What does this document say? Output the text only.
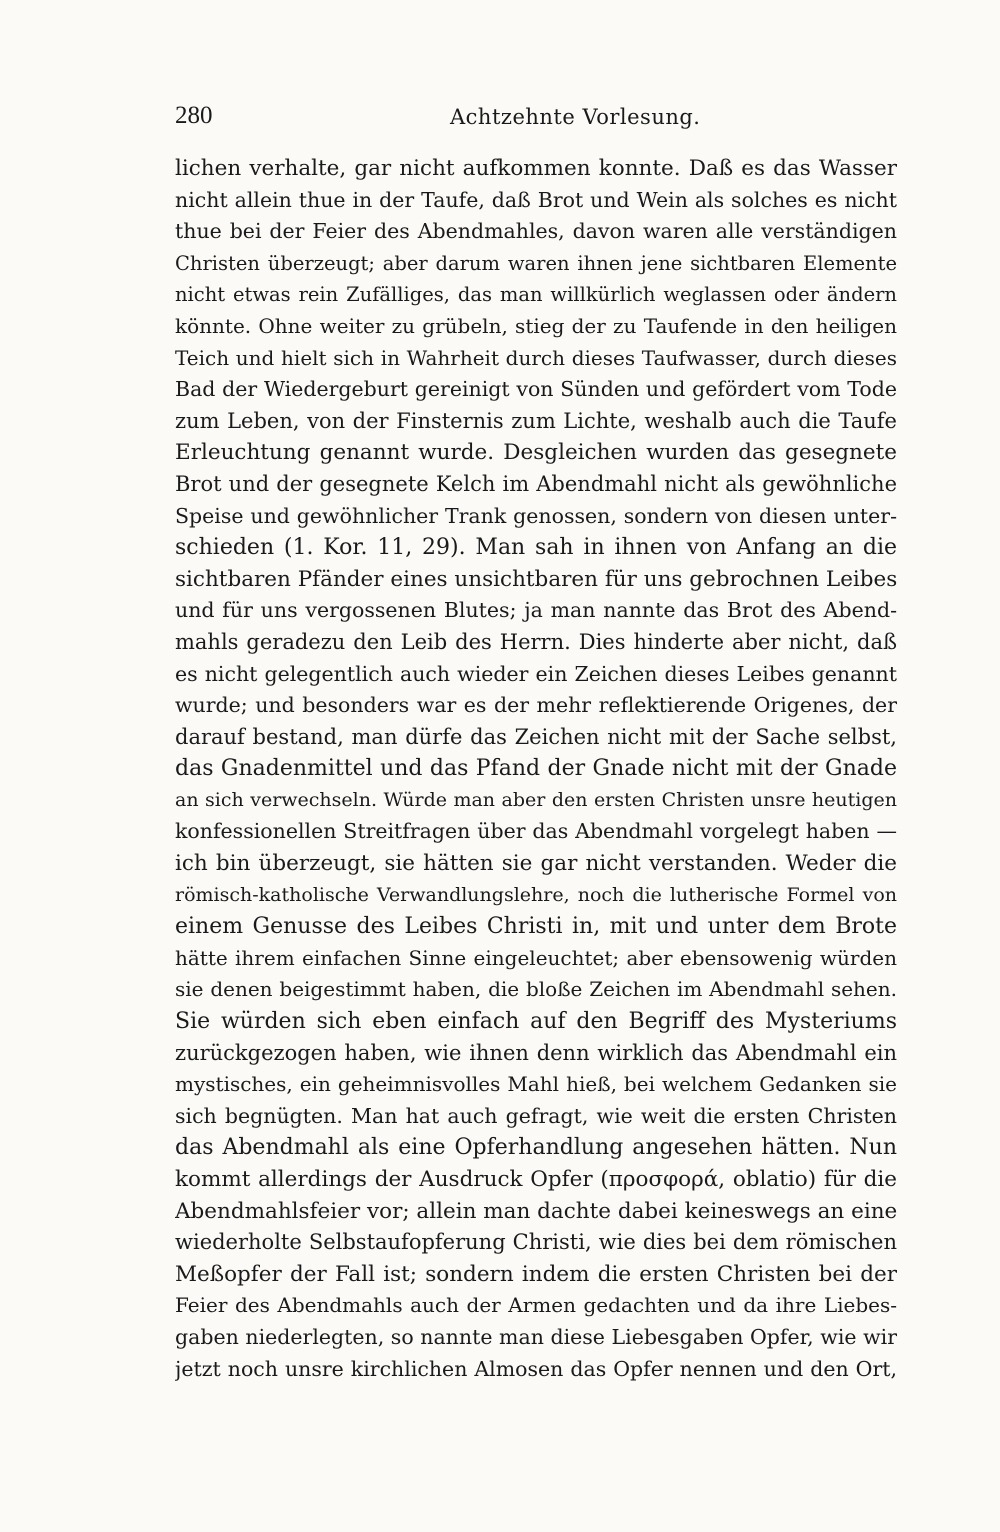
280	Achtzehnte Vorlesung.
lichen verhalte, gar nicht aufkommen konnte. Daß es das Wasser
nicht allein thue in der Taufe, daß Brot und Wein als solches es nicht
thue bei der Feier des Abendmahles, davon waren alle verständigen
Christen überzeugt; aber darum waren ihnen jene sichtbaren Elemente
nicht etwas rein Zufälliges, das man willkürlich weglassen oder ändern
könnte. Ohne weiter zu grübeln, stieg der zu Taufende in den heiligen
Teich und hielt sich in Wahrheit durch dieses Taufwasser, durch dieses
Bad der Wiedergeburt gereinigt von Sünden und gefördert vom Tode
zum Leben, von der Finsternis zum Lichte, weshalb auch die Taufe
Erleuchtung genannt wurde. Desgleichen wurden das gesegnete
Brot und der gesegnete Kelch im Abendmahl nicht als gewöhnliche
Speise und gewöhnlicher Trank genossen, sondern von diesen unter-
schieden (1. Kor. 11, 29). Man sah in ihnen von Anfang an die
sichtbaren Pfänder eines unsichtbaren für uns gebrochnen Leibes
und für uns vergossenen Blutes; ja man nannte das Brot des Abend-
mahls geradezu den Leib des Herrn. Dies hinderte aber nicht, daß
es nicht gelegentlich auch wieder ein Zeichen dieses Leibes genannt
wurde; und besonders war es der mehr reflektierende Origenes, der
darauf bestand, man dürfe das Zeichen nicht mit der Sache selbst,
das Gnadenmittel und das Pfand der Gnade nicht mit der Gnade
an sich verwechseln. Würde man aber den ersten Christen unsre heutigen
konfessionellen Streitfragen über das Abendmahl vorgelegt haben —
ich bin überzeugt, sie hätten sie gar nicht verstanden. Weder die
römisch-katholische Verwandlungslehre, noch die lutherische Formel von
einem Genusse des Leibes Christi in, mit und unter dem Brote
hätte ihrem einfachen Sinne eingeleuchtet; aber ebensowenig würden
sie denen beigestimmt haben, die bloße Zeichen im Abendmahl sehen.
Sie würden sich eben einfach auf den Begriff des Mysteriums
zurückgezogen haben, wie ihnen denn wirklich das Abendmahl ein
mystisches, ein geheimnisvolles Mahl hieß, bei welchem Gedanken sie
sich begnügten. Man hat auch gefragt, wie weit die ersten Christen
das Abendmahl als eine Opferhandlung angesehen hätten. Nun
kommt allerdings der Ausdruck Opfer (προσφορά, oblatio) für die
Abendmahlsfeier vor; allein man dachte dabei keineswegs an eine
wiederholte Selbstaufopferung Christi, wie dies bei dem römischen
Meßopfer der Fall ist; sondern indem die ersten Christen bei der
Feier des Abendmahls auch der Armen gedachten und da ihre Liebes-
gaben niederlegten, so nannte man diese Liebesgaben Opfer, wie wir
jetzt noch unsre kirchlichen Almosen das Opfer nennen und den Ort,
